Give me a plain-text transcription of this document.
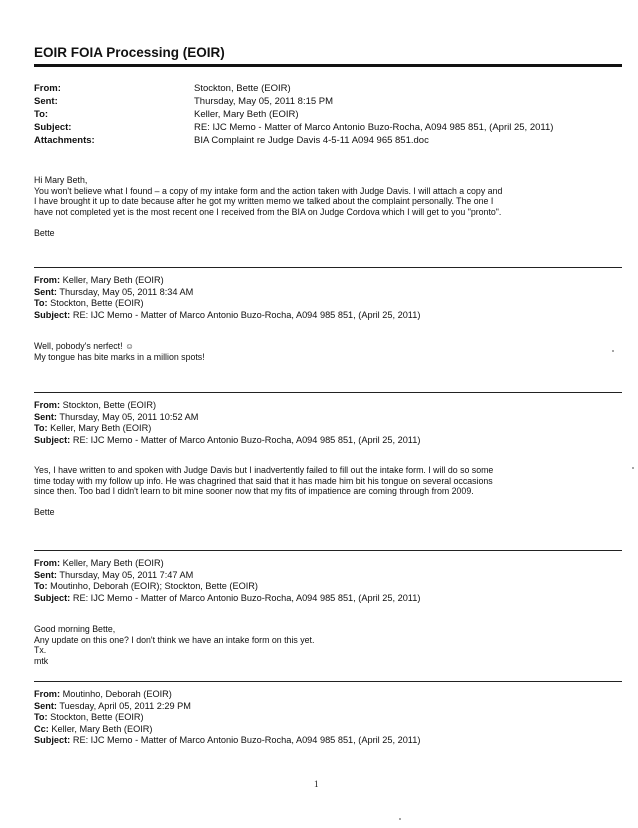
EOIR FOIA Processing (EOIR)
From:	Stockton, Bette (EOIR)
Sent:	Thursday, May 05, 2011 8:15 PM
To:	Keller, Mary Beth (EOIR)
Subject:	RE: IJC Memo - Matter of Marco Antonio Buzo-Rocha, A094 985 851, (April 25, 2011)
Attachments:	BIA Complaint re Judge Davis 4-5-11 A094 965 851.doc
Hi Mary Beth,
You won't believe what I found – a copy of my intake form and the action taken with Judge Davis. I will attach a copy and
I have brought it up to date because after he got my written memo we talked about the complaint personally. The one I
have not completed yet is the most recent one I received from the BIA on Judge Cordova which I will get to you "pronto".

Bette
From: Keller, Mary Beth (EOIR)
Sent: Thursday, May 05, 2011 8:34 AM
To: Stockton, Bette (EOIR)
Subject: RE: IJC Memo - Matter of Marco Antonio Buzo-Rocha, A094 985 851, (April 25, 2011)
Well, pobody's nerfect! ☺
My tongue has bite marks in a million spots!
From: Stockton, Bette (EOIR)
Sent: Thursday, May 05, 2011 10:52 AM
To: Keller, Mary Beth (EOIR)
Subject: RE: IJC Memo - Matter of Marco Antonio Buzo-Rocha, A094 985 851, (April 25, 2011)
Yes, I have written to and spoken with Judge Davis but I inadvertently failed to fill out the intake form. I will do so some
time today with my follow up info. He was chagrined that said that it has made him bit his tongue on several occasions
since then. Too bad I didn't learn to bit mine sooner now that my fits of impatience are coming through from 2009.

Bette
From: Keller, Mary Beth (EOIR)
Sent: Thursday, May 05, 2011 7:47 AM
To: Moutinho, Deborah (EOIR); Stockton, Bette (EOIR)
Subject: RE: IJC Memo - Matter of Marco Antonio Buzo-Rocha, A094 985 851, (April 25, 2011)
Good morning Bette,
Any update on this one? I don't think we have an intake form on this yet.
Tx.
mtk
From: Moutinho, Deborah (EOIR)
Sent: Tuesday, April 05, 2011 2:29 PM
To: Stockton, Bette (EOIR)
Cc: Keller, Mary Beth (EOIR)
Subject: RE: IJC Memo - Matter of Marco Antonio Buzo-Rocha, A094 985 851, (April 25, 2011)
1
